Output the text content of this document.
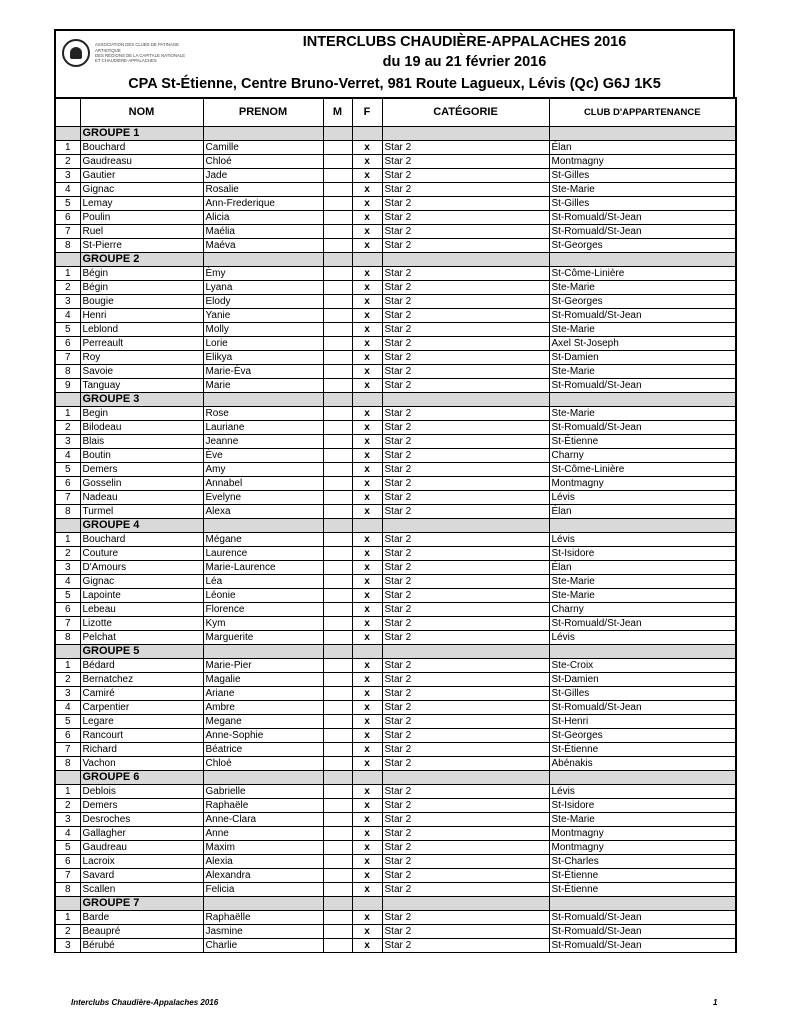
ASSOCIATION DES CLUBS DE PATINAGE ARTISTIQUE
DES RÉGIONS DE LA CAPITALE NATIONALE
ET CHAUDIÈRE-APPALACHES
INTERCLUBS CHAUDIÈRE-APPALACHES 2016
du 19 au 21 février 2016
CPA St-Étienne, Centre Bruno-Verret, 981 Route Lagueux, Lévis (Qc) G6J 1K5
	NOM	PRENOM	M	F	CATÉGORIE	CLUB D'APPARTENANCE
	GROUPE 1					
1	Bouchard	Camille		x	Star 2	Élan
2	Gaudreasu	Chloé		x	Star 2	Montmagny
3	Gautier	Jade		x	Star 2	St-Gilles
4	Gignac	Rosalie		x	Star 2	Ste-Marie
5	Lemay	Ann-Frederique		x	Star 2	St-Gilles
6	Poulin	Alicia		x	Star 2	St-Romuald/St-Jean
7	Ruel	Maélia		x	Star 2	St-Romuald/St-Jean
8	St-Pierre	Maéva		x	Star 2	St-Georges
	GROUPE 2					
1	Bégin	Èmy		x	Star 2	St-Côme-Linière
2	Bégin	Lyana		x	Star 2	Ste-Marie
3	Bougie	Elody		x	Star 2	St-Georges
4	Henri	Yanie		x	Star 2	St-Romuald/St-Jean
5	Leblond	Molly		x	Star 2	Ste-Marie
6	Perreault	Lorie		x	Star 2	Axel St-Joseph
7	Roy	Elikya		x	Star 2	St-Damien
8	Savoie	Marie-Èva		x	Star 2	Ste-Marie
9	Tanguay	Marie		x	Star 2	St-Romuald/St-Jean
	GROUPE 3					
1	Begin	Rose		x	Star 2	Ste-Marie
2	Bilodeau	Lauriane		x	Star 2	St-Romuald/St-Jean
3	Blais	Jeanne		x	Star 2	St-Étienne
4	Boutin	Ève		x	Star 2	Charny
5	Demers	Amy		x	Star 2	St-Côme-Linière
6	Gosselin	Annabel		x	Star 2	Montmagny
7	Nadeau	Evelyne		x	Star 2	Lévis
8	Turmel	Alexa		x	Star 2	Élan
	GROUPE 4					
1	Bouchard	Mégane		x	Star 2	Lévis
2	Couture	Laurence		x	Star 2	St-Isidore
3	D'Amours	Marie-Laurence		x	Star 2	Élan
4	Gignac	Léa		x	Star 2	Ste-Marie
5	Lapointe	Léonie		x	Star 2	Ste-Marie
6	Lebeau	Florence		x	Star 2	Charny
7	Lizotte	Kym		x	Star 2	St-Romuald/St-Jean
8	Pelchat	Marguerite		x	Star 2	Lévis
	GROUPE 5					
1	Bédard	Marie-Pier		x	Star 2	Ste-Croix
2	Bernatchez	Magalie		x	Star 2	St-Damien
3	Camiré	Ariane		x	Star 2	St-Gilles
4	Carpentier	Ambre		x	Star 2	St-Romuald/St-Jean
5	Legare	Megane		x	Star 2	St-Henri
6	Rancourt	Anne-Sophie		x	Star 2	St-Georges
7	Richard	Béatrice		x	Star 2	St-Étienne
8	Vachon	Chloé		x	Star 2	Abénakis
	GROUPE 6					
1	Deblois	Gabrielle		x	Star 2	Lévis
2	Demers	Raphaële		x	Star 2	St-Isidore
3	Desroches	Anne-Clara		x	Star 2	Ste-Marie
4	Gallagher	Anne		x	Star 2	Montmagny
5	Gaudreau	Maxim		x	Star 2	Montmagny
6	Lacroix	Alexia		x	Star 2	St-Charles
7	Savard	Alexandra		x	Star 2	St-Étienne
8	Scallen	Felicia		x	Star 2	St-Étienne
	GROUPE 7					
1	Barde	Raphaëlle		x	Star 2	St-Romuald/St-Jean
2	Beaupré	Jasmine		x	Star 2	St-Romuald/St-Jean
3	Bérubé	Charlie		x	Star 2	St-Romuald/St-Jean
Interclubs Chaudière-Appalaches 2016	1
